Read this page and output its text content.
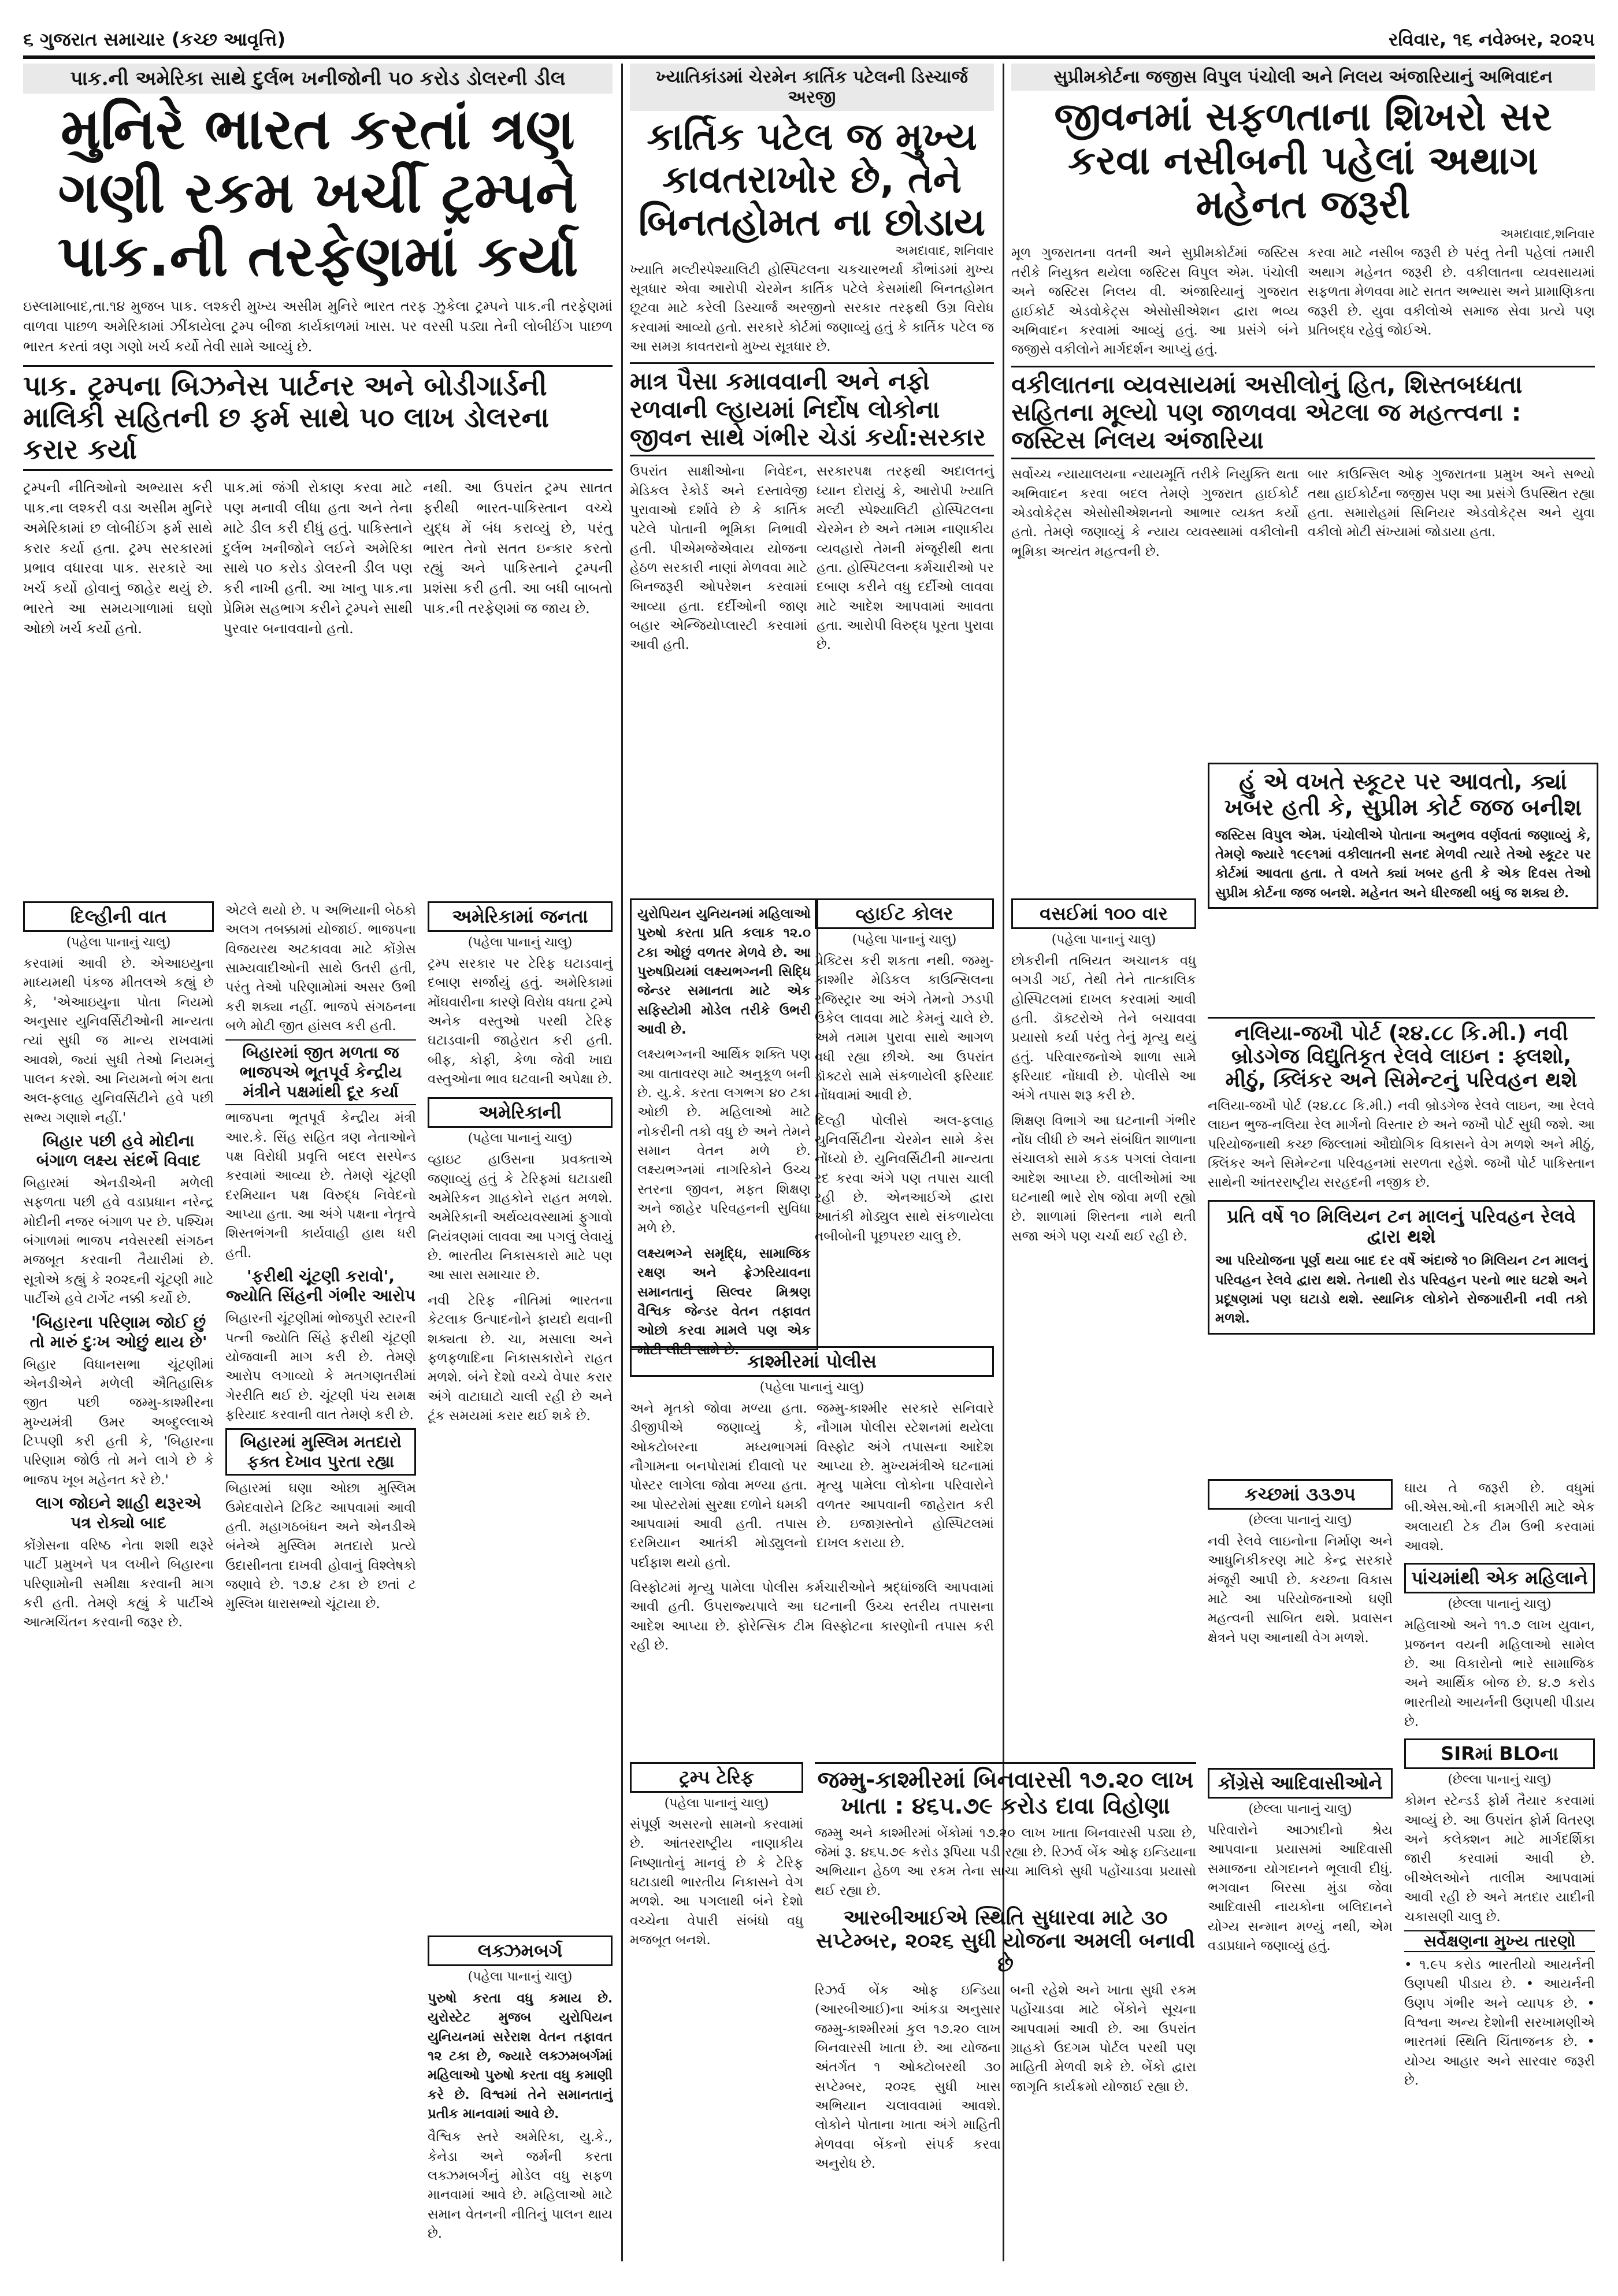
૬ ગુજરાત સમાચાર (કચ્છ આવૃત્તિ)	રવિવાર, ૧૬ નવેમ્બર, ૨૦૨૫
પાક.ની અમેરિકા સાથે દુર્લભ ખનીજોની ૫૦ કરોડ ડોલરની ડીલ
મુનિરે ભારત કરતાં ત્રણ ગણી રકમ ખર્ચી ટ્રમ્પને પાક.ની તરફેણમાં કર્યા
ઇસ્લામાબાદ,તા.૧૪ મુજબ પાક. લશ્કરી મુખ્ય અસીમ મુનિરે ભારત તરફ ઝુકેલા ટ્રમ્પને પાક.ની તરફેણમાં વાળવા પાછળ અમેરિકામાં ઝીંકાયેલા ટ્રમ્પ બીજા કાર્યકાળમાં ખાસ. પર વરસી પડ્યા તેની લોબીઈંગ પાછળ ભારત કરતાં ત્રણ ગણો ખર્ચ કર્યો તેવી સામે આવ્યું છે.
પાક. ટ્રમ્પના બિઝનેસ પાર્ટનર અને બોડીગાર્ડની માલિકી સહિતની છ ફર્મ સાથે ૫૦ લાખ ડોલરના કરાર કર્યા
ટ્રમ્પની નીતિઓનો અભ્યાસ કરી પાક.ના લશ્કરી વડા અસીમ મુનિરે અમેરિકામાં છ લોબીઈંગ ફર્મ સાથે કરાર કર્યા હતા. ટ્રમ્પ સરકારમાં પ્રભાવ વધારવા પાક. સરકારે આ ખર્ચ કર્યો હોવાનું જાહેર થયું છે. ભારતે આ સમયગાળામાં ઘણો ઓછો ખર્ચ કર્યો હતો.
પાક.માં જંગી રોકાણ કરવા માટે પણ મનાવી લીધા હતા અને તેના માટે ડીલ કરી દીધું હતું. પાકિસ્તાને દુર્લભ ખનીજોને લઈને અમેરિકા સાથે ૫૦ કરોડ ડોલરની ડીલ પણ કરી નાખી હતી. આ ખાનુ પાક.ના પ્રેમિમ સહભાગ કરીને ટ્રમ્પને સાથી પુરવાર બનાવવાનો હતો.
નથી. આ ઉપરાંત ટ્રમ્પ સાતત ફરીથી ભારત-પાકિસ્તાન વચ્ચે યુદ્ધ મેં બંધ કરાવ્યું છે, પરંતુ ભારત તેનો સતત ઇન્કાર કરતો રહ્યું અને પાકિસ્તાને ટ્રમ્પની પ્રશંસા કરી હતી. આ બધી બાબતો પાક.ની તરફેણમાં જ જાય છે.
દિલ્હીની વાત
(પહેલા પાનાનું ચાલુ)
કરવામાં આવી છે. એઆઇયુના માધ્યમથી પંકજ મીતલએ કહ્યું છે કે, 'એઆઇયુના પોતા નિયમો અનુસાર યુનિવર્સિટીઓની માન્યતા ત્યાં સુધી જ માન્ય રાખવામાં આવશે, જ્યાં સુધી તેઓ નિયમનું પાલન કરશે. આ નિયમનો ભંગ થતા અલ-ફલાહ યુનિવર્સિટીને હવે પછી સભ્ય ગણાશે નહીં.'
બિહાર પછી હવે મોદીના બંગાળ લક્ષ્ય સંદર્ભે વિવાદ
બિહારમાં એનડીએની મળેલી સફળતા પછી હવે વડાપ્રધાન નરેન્દ્ર મોદીની નજર બંગાળ પર છે. પશ્ચિમ બંગાળમાં ભાજપ નવેસરથી સંગઠન મજબૂત કરવાની તૈયારીમાં છે. સૂત્રોએ કહ્યું કે ૨૦૨૬ની ચૂંટણી માટે પાર્ટીએ હવે ટાર્ગેટ નક્કી કર્યો છે.
'બિહારના પરિણામ જોઈ છું તો મારું દુઃખ ઓછું થાય છે'
બિહાર વિધાનસભા ચૂંટણીમાં એનડીએને મળેલી ઐતિહાસિક જીત પછી જમ્મુ-કાશ્મીરના મુખ્યમંત્રી ઉમર અબ્દુલ્લાએ ટિપ્પણી કરી હતી કે, 'બિહારના પરિણામ જોઉં તો મને લાગે છે કે ભાજપ ખૂબ મહેનત કરે છે.'
લાગ જોઇને શાહી થરૂરએ પત્ર રોક્યો બાદ
કોંગ્રેસના વરિષ્ઠ નેતા શશી થરૂરે પાર્ટી પ્રમુખને પત્ર લખીને બિહારના પરિણામોની સમીક્ષા કરવાની માગ કરી હતી. તેમણે કહ્યું કે પાર્ટીએ આત્મચિંતન કરવાની જરૂર છે.
એટલે થયો છે. ૫ અભિયાની બેઠકો અલગ તબક્કામાં યોજાઈ. ભાજપના વિજયરથ અટકાવવા માટે કોંગ્રેસ સામ્યવાદીઓની સાથે ઉતરી હતી, પરંતુ તેઓ પરિણામોમાં અસર ઉભી કરી શક્યા નહીં. ભાજપે સંગઠનના બળે મોટી જીત હાંસલ કરી હતી.
બિહારમાં જીત મળતા જ ભાજપએ ભૂતપૂર્વ કેન્દ્રીય મંત્રીને પક્ષમાંથી દૂર કર્યા
ભાજપના ભૂતપૂર્વ કેન્દ્રીય મંત્રી આર.કે. સિંહ સહિત ત્રણ નેતાઓને પક્ષ વિરોધી પ્રવૃત્તિ બદલ સસ્પેન્ડ કરવામાં આવ્યા છે. તેમણે ચૂંટણી દરમિયાન પક્ષ વિરુદ્ધ નિવેદનો આપ્યા હતા. આ અંગે પક્ષના નેતૃત્વે શિસ્તભંગની કાર્યવાહી હાથ ધરી હતી.
'ફરીથી ચૂંટણી કરાવો', જ્યોતિ સિંહની ગંભીર આરોપ
બિહારની ચૂંટણીમાં ભોજપુરી સ્ટારની પત્ની જ્યોતિ સિંહે ફરીથી ચૂંટણી યોજવાની માગ કરી છે. તેમણે આરોપ લગાવ્યો કે મતગણતરીમાં ગેરરીતિ થઈ છે. ચૂંટણી પંચ સમક્ષ ફરિયાદ કરવાની વાત તેમણે કરી છે.
બિહારમાં મુસ્લિમ મતદારો ફક્ત દેખાવ પુરતા રહ્યા
બિહારમાં ઘણા ઓછા મુસ્લિમ ઉમેદવારોને ટિકિટ આપવામાં આવી હતી. મહાગઠબંધન અને એનડીએ બંનેએ મુસ્લિમ મતદારો પ્રત્યે ઉદાસીનતા દાખવી હોવાનું વિશ્લેષકો જણાવે છે. ૧૭.૪ ટકા છે છતાં ટ મુસ્લિમ ધારાસભ્યો ચૂંટાયા છે.
અમેરિકામાં જનતા
(પહેલા પાનાનું ચાલુ)
ટ્રમ્પ સરકાર પર ટેરિફ ઘટાડવાનું દબાણ સર્જાયું હતું. અમેરિકામાં મોંઘવારીના કારણે વિરોધ વધતા ટ્રમ્પે અનેક વસ્તુઓ પરથી ટેરિફ ઘટાડવાની જાહેરાત કરી હતી. બીફ, કોફી, કેળા જેવી ખાદ્ય વસ્તુઓના ભાવ ઘટવાની અપેક્ષા છે.
અમેરિકાની
(પહેલા પાનાનું ચાલુ)
વ્હાઇટ હાઉસના પ્રવક્તાએ જણાવ્યું હતું કે ટેરિફમાં ઘટાડાથી અમેરિકન ગ્રાહકોને રાહત મળશે. અમેરિકાની અર્થવ્યવસ્થામાં ફુગાવો નિયંત્રણમાં લાવવા આ પગલું લેવાયું છે. ભારતીય નિકાસકારો માટે પણ આ સારા સમાચાર છે.
નવી ટેરિફ નીતિમાં ભારતના કેટલાક ઉત્પાદનોને ફાયદો થવાની શક્યતા છે. ચા, મસાલા અને ફળફળાદિના નિકાસકારોને રાહત મળશે. બંને દેશો વચ્ચે વેપાર કરાર અંગે વાટાઘાટો ચાલી રહી છે અને ટૂંક સમયમાં કરાર થઈ શકે છે.
ખ્યાતિકાંડમાં ચેરમેન કાર્તિક પટેલની ડિસ્ચાર્જ અરજી
કાર્તિક પટેલ જ મુખ્ય કાવતરાખોર છે, તેને બિનતહોમત ના છોડાય
અમદાવાદ, શનિવાર
ખ્યાતિ મલ્ટીસ્પેશ્યાલિટી હોસ્પિટલના ચકચારભર્યા કૌભાંડમાં મુખ્ય સૂત્રધાર એવા આરોપી ચેરમેન કાર્તિક પટેલે કેસમાંથી બિનતહોમત છૂટવા માટે કરેલી ડિસ્ચાર્જ અરજીનો સરકાર તરફથી ઉગ્ર વિરોધ કરવામાં આવ્યો હતો. સરકારે કોર્ટમાં જણાવ્યું હતું કે કાર્તિક પટેલ જ આ સમગ્ર કાવતરાનો મુખ્ય સૂત્રધાર છે.
માત્ર પૈસા કમાવવાની અને નફો રળવાની લ્હાયમાં નિર્દોષ લોકોના જીવન સાથે ગંભીર ચેડાં કર્યા:સરકાર
ઉપરાંત સાક્ષીઓના નિવેદન, મેડિકલ રેકોર્ડ અને દસ્તાવેજી પુરાવાઓ દર્શાવે છે કે કાર્તિક પટેલે પોતાની ભૂમિકા નિભાવી હતી. પીએમજેએવાય યોજના હેઠળ સરકારી નાણાં મેળવવા માટે બિનજરૂરી ઓપરેશન કરવામાં આવ્યા હતા. દર્દીઓની જાણ બહાર એન્જિયોપ્લાસ્ટી કરવામાં આવી હતી.
સરકારપક્ષ તરફથી અદાલતનું ધ્યાન દોરાયું કે, આરોપી ખ્યાતિ મલ્ટી સ્પેશ્યાલિટી હોસ્પિટલના ચેરમેન છે અને તમામ નાણાકીય વ્યવહારો તેમની મંજૂરીથી થતા હતા. હોસ્પિટલના કર્મચારીઓ પર દબાણ કરીને વધુ દર્દીઓ લાવવા માટે આદેશ આપવામાં આવતા હતા. આરોપી વિરુદ્ધ પૂરતા પુરાવા છે.
યુરોપિયન યુનિયનમાં મહિલાઓ પુરુષો કરતા પ્રતિ કલાક ૧૨.૦ ટકા ઓછું વળતર મેળવે છે. આ પુરુષપ્રિયમાં લક્ષ્યભગ્નની સિદ્ધિ જેન્ડર સમાનતા માટે એક સફિસ્ટોમી મોડેલ તરીકે ઉભરી આવી છે.
લક્ષ્યભગ્નની આર્થિક શક્તિ પણ આ વાતાવરણ માટે અનુકૂળ બની છે. યુ.કે. કરતા લગભગ ૪૦ ટકા ઓછી છે. મહિલાઓ માટે નોકરીની તકો વધુ છે અને તેમને સમાન વેતન મળે છે. લક્ષ્યભગ્નમાં નાગરિકોને ઉચ્ચ સ્તરના જીવન, મફત શિક્ષણ અને જાહેર પરિવહનની સુવિધા મળે છે.
લક્ષ્યભગ્ને સમૃદ્ધિ, સામાજિક રક્ષણ અને ફ્રેઝરિયાવના સમાનતાનું સિલ્વર મિશ્રણ વૈશ્વિક જેન્ડર વેતન તફાવત ઓછો કરવા મામલે પણ એક મોટી લીટી સામે છે.
વ્હાઈટ કોલર
(પહેલા પાનાનું ચાલુ)
પ્રેક્ટિસ કરી શકતા નથી. જમ્મુ-કાશ્મીર મેડિકલ કાઉન્સિલના રજિસ્ટ્રાર આ અંગે તેમનો ઝડપી ઉકેલ લાવવા માટે કેમનું ચાલે છે. અમે તમામ પુરાવા સાથે આગળ વધી રહ્યા છીએ. આ ઉપરાંત ડૉક્ટરો સામે સંકળાયેલી ફરિયાદ નોંધવામાં આવી છે.
દિલ્હી પોલીસે અલ-ફલાહ યુનિવર્સિટીના ચેરમેન સામે કેસ નોંધ્યો છે. યુનિવર્સિટીની માન્યતા રદ કરવા અંગે પણ તપાસ ચાલી રહી છે. એનઆઈએ દ્વારા આતંકી મોડ્યુલ સાથે સંકળાયેલા તબીબોની પૂછપરછ ચાલુ છે.
કાશ્મીરમાં પોલીસ
(પહેલા પાનાનું ચાલુ)
અને મૃતકો જોવા મળ્યા હતા. ડીજીપીએ જણાવ્યું કે, ઓકટોબરના મધ્યભાગમાં નૌગામના બનપોરામાં દીવાલો પર પોસ્ટર લાગેલા જોવા મળ્યા હતા. આ પોસ્ટરોમાં સુરક્ષા દળોને ધમકી આપવામાં આવી હતી. તપાસ દરમિયાન આતંકી મોડ્યુલનો પર્દાફાશ થયો હતો.
જમ્મુ-કાશ્મીર સરકારે સનિવારે નૌગામ પોલીસ સ્ટેશનમાં થયેલા વિસ્ફોટ અંગે તપાસના આદેશ આપ્યા છે. મુખ્યમંત્રીએ ઘટનામાં મૃત્યુ પામેલા લોકોના પરિવારોને વળતર આપવાની જાહેરાત કરી છે. ઇજાગ્રસ્તોને હોસ્પિટલમાં દાખલ કરાયા છે.
વિસ્ફોટમાં મૃત્યુ પામેલા પોલીસ કર્મચારીઓને શ્રદ્ધાંજલિ આપવામાં આવી હતી. ઉપરાજ્યપાલે આ ઘટનાની ઉચ્ચ સ્તરીય તપાસના આદેશ આપ્યા છે. ફોરેન્સિક ટીમ વિસ્ફોટના કારણોની તપાસ કરી રહી છે.
ટ્રમ્પ ટેરિફ
(પહેલા પાનાનું ચાલુ)
સંપૂર્ણ અસરનો સામનો કરવામાં છે. આંતરરાષ્ટ્રીય નાણાકીય નિષ્ણાતોનું માનવું છે કે ટેરિફ ઘટાડાથી ભારતીય નિકાસને વેગ મળશે. આ પગલાથી બંને દેશો વચ્ચેના વેપારી સંબંધો વધુ મજબૂત બનશે.
લક્ઝમબર્ગ
(પહેલા પાનાનું ચાલુ)
પુરુષો કરતા વધુ કમાય છે. યુરોસ્ટેટ મુજબ યુરોપિયન યુનિયનમાં સરેરાશ વેતન તફાવત ૧૨ ટકા છે, જ્યારે લક્ઝમબર્ગમાં મહિલાઓ પુરુષો કરતા વધુ કમાણી કરે છે. વિશ્વમાં તેને સમાનતાનું પ્રતીક માનવામાં આવે છે.
વૈશ્વિક સ્તરે અમેરિકા, યુ.કે., કેનેડા અને જર્મની કરતા લક્ઝમબર્ગનું મોડેલ વધુ સફળ માનવામાં આવે છે. મહિલાઓ માટે સમાન વેતનની નીતિનું પાલન થાય છે.
જમ્મુ-કાશ્મીરમાં બિનવારસી ૧૭.૨૦ લાખ ખાતા : ૪૬૫.૭૯ કરોડ દાવા વિહોણા
જમ્મુ અને કાશ્મીરમાં બેંકોમાં ૧૭.૨૦ લાખ ખાતા બિનવારસી પડ્યા છે, જેમાં રૂ. ૪૬૫.૭૯ કરોડ રૂપિયા પડી રહ્યા છે. રિઝર્વ બેંક ઓફ ઇન્ડિયાના અભિયાન હેઠળ આ રકમ તેના સાચા માલિકો સુધી પહોંચાડવા પ્રયાસો થઈ રહ્યા છે.
આરબીઆઈએ સ્થિતિ સુધારવા માટે ૩૦ સપ્ટેમ્બર, ૨૦૨૬ સુધી યોજના અમલી બનાવી છે
રિઝર્વ બેંક ઓફ ઇન્ડિયા (આરબીઆઈ)ના આંકડા અનુસાર જમ્મુ-કાશ્મીરમાં કુલ ૧૭.૨૦ લાખ બિનવારસી ખાતા છે. આ યોજના અંતર્ગત ૧ ઓક્ટોબરથી ૩૦ સપ્ટેમ્બર, ૨૦૨૬ સુધી ખાસ અભિયાન ચલાવવામાં આવશે. લોકોને પોતાના ખાતા અંગે માહિતી મેળવવા બેંકનો સંપર્ક કરવા અનુરોધ છે.
બની રહેશે અને ખાતા સુધી રકમ પહોંચાડવા માટે બેંકોને સૂચના આપવામાં આવી છે. આ ઉપરાંત ગ્રાહકો ઉદગમ પોર્ટલ પરથી પણ માહિતી મેળવી શકે છે. બેંકો દ્વારા જાગૃતિ કાર્યક્રમો યોજાઈ રહ્યા છે.
વસઈમાં ૧૦૦ વાર
(પહેલા પાનાનું ચાલુ)
છોકરીની તબિયત અચાનક વધુ બગડી ગઈ, તેથી તેને તાત્કાલિક હોસ્પિટલમાં દાખલ કરવામાં આવી હતી. ડૉક્ટરોએ તેને બચાવવા પ્રયાસો કર્યા પરંતુ તેનું મૃત્યુ થયું હતું. પરિવારજનોએ શાળા સામે ફરિયાદ નોંધાવી છે. પોલીસે આ અંગે તપાસ શરૂ કરી છે.
શિક્ષણ વિભાગે આ ઘટનાની ગંભીર નોંધ લીધી છે અને સંબંધિત શાળાના સંચાલકો સામે કડક પગલાં લેવાના આદેશ આપ્યા છે. વાલીઓમાં આ ઘટનાથી ભારે રોષ જોવા મળી રહ્યો છે. શાળામાં શિસ્તના નામે થતી સજા અંગે પણ ચર્ચા થઈ રહી છે.
સુપ્રીમકોર્ટના જજીસ વિપુલ પંચોલી અને નિલય અંજારિયાનું અભિવાદન
જીવનમાં સફળતાના શિખરો સર કરવા નસીબની પહેલાં અથાગ મહેનત જરૂરી
અમદાવાદ,શનિવાર
મૂળ ગુજરાતના વતની અને સુપ્રીમકોર્ટમાં જસ્ટિસ તરીકે નિયુક્ત થયેલા જસ્ટિસ વિપુલ એમ. પંચોલી અને જસ્ટિસ નિલય વી. અંજારિયાનું ગુજરાત હાઈકોર્ટ એડવોકેટ્સ એસોસીએશન દ્વારા ભવ્ય અભિવાદન કરવામાં આવ્યું હતું. આ પ્રસંગે બંને જજીસે વકીલોને માર્ગદર્શન આપ્યું હતું.
કરવા માટે નસીબ જરૂરી છે પરંતુ તેની પહેલાં તમારી અથાગ મહેનત જરૂરી છે. વકીલાતના વ્યવસાયમાં સફળતા મેળવવા માટે સતત અભ્યાસ અને પ્રામાણિકતા જરૂરી છે. યુવા વકીલોએ સમાજ સેવા પ્રત્યે પણ પ્રતિબદ્ધ રહેવું જોઈએ.
વકીલાતના વ્યવસાયમાં અસીલોનું હિત, શિસ્તબધ્ધતા સહિતના મૂલ્યો પણ જાળવવા એટલા જ મહત્ત્વના : જસ્ટિસ નિલય અંજારિયા
સર્વોચ્ચ ન્યાયાલયના ન્યાયમૂર્તિ તરીકે નિયુક્તિ થતા અભિવાદન કરવા બદલ તેમણે ગુજરાત હાઈકોર્ટ એડવોકેટ્સ એસોસીએશનનો આભાર વ્યક્ત કર્યો હતો. તેમણે જણાવ્યું કે ન્યાય વ્યવસ્થામાં વકીલોની ભૂમિકા અત્યંત મહત્વની છે.
બાર કાઉન્સિલ ઓફ ગુજરાતના પ્રમુખ અને સભ્યો તથા હાઈકોર્ટના જજીસ પણ આ પ્રસંગે ઉપસ્થિત રહ્યા હતા. સમારોહમાં સિનિયર એડવોકેટ્સ અને યુવા વકીલો મોટી સંખ્યામાં જોડાયા હતા.
હું એ વખતે સ્કૂટર પર આવતો, ક્યાં ખબર હતી કે, સુપ્રીમ કોર્ટ જજ બનીશ
જસ્ટિસ વિપુલ એમ. પંચોલીએ પોતાના અનુભવ વર્ણવતાં જણાવ્યું કે, તેમણે જ્યારે ૧૯૯૧માં વકીલાતની સનદ મેળવી ત્યારે તેઓ સ્કૂટર પર કોર્ટમાં આવતા હતા. તે વખતે ક્યાં ખબર હતી કે એક દિવસ તેઓ સુપ્રીમ કોર્ટના જજ બનશે. મહેનત અને ધીરજથી બધું જ શક્ય છે.
નલિયા-જખૌ પોર્ટ (૨૪.૮૮ કિ.મી.) નવી બ્રોડગેજ વિદ્યુતિકૃત રેલવે લાઇન : ફ્લશો, મીઠું, ક્લિંકર અને સિમેન્ટનું પરિવહન થશે
નલિયા-જખૌ પોર્ટ (૨૪.૮૮ કિ.મી.) નવી બ્રોડગેજ રેલવે લાઇન, આ રેલવે લાઇન ભુજ-નલિયા રેલ માર્ગનો વિસ્તાર છે અને જખૌ પોર્ટ સુધી જશે. આ પરિયોજનાથી કચ્છ જિલ્લામાં ઔદ્યોગિક વિકાસને વેગ મળશે અને મીઠું, ક્લિંકર અને સિમેન્ટના પરિવહનમાં સરળતા રહેશે. જખૌ પોર્ટ પાકિસ્તાન સાથેની આંતરરાષ્ટ્રીય સરહદની નજીક છે.
પ્રતિ વર્ષે ૧૦ મિલિયન ટન માલનું પરિવહન રેલવે દ્વારા થશે
આ પરિયોજના પૂર્ણ થયા બાદ દર વર્ષે અંદાજે ૧૦ મિલિયન ટન માલનું પરિવહન રેલવે દ્વારા થશે. તેનાથી રોડ પરિવહન પરનો ભાર ઘટશે અને પ્રદૂષણમાં પણ ઘટાડો થશે. સ્થાનિક લોકોને રોજગારીની નવી તકો મળશે.
કચ્છમાં ૩૩૭૫
(છેલ્લા પાનાનું ચાલુ)
નવી રેલવે લાઇનોના નિર્માણ અને આધુનિકીકરણ માટે કેન્દ્ર સરકારે મંજૂરી આપી છે. કચ્છના વિકાસ માટે આ પરિયોજનાઓ ઘણી મહત્વની સાબિત થશે. પ્રવાસન ક્ષેત્રને પણ આનાથી વેગ મળશે.
કોંગ્રેસે આદિવાસીઓને
(છેલ્લા પાનાનું ચાલુ)
પરિવારોને આઝાદીનો શ્રેય આપવાના પ્રયાસમાં આદિવાસી સમાજના યોગદાનને ભૂલાવી દીધું. ભગવાન બિરસા મુંડા જેવા આદિવાસી નાયકોના બલિદાનને યોગ્ય સન્માન મળ્યું નથી, એમ વડાપ્રધાને જણાવ્યું હતું.
ઘાય તે જરૂરી છે. વધુમાં બી.એસ.ઓ.ની કામગીરી માટે એક અલાયદી ટેક ટીમ ઉભી કરવામાં આવશે.
પાંચમાંથી એક મહિલાને
(છેલ્લા પાનાનું ચાલુ)
મહિલાઓ અને ૧૧.૭ લાખ યુવાન, પ્રજનન વયની મહિલાઓ સામેલ છે. આ વિકારોનો ભારે સામાજિક અને આર્થિક બોજ છે. ૪.૭ કરોડ ભારતીયો આયર્નની ઉણપથી પીડાય છે.
SIRમાં BLOના
(છેલ્લા પાનાનું ચાલુ)
કોમન સ્ટેન્ડર્ડ ફોર્મ તૈયાર કરવામાં આવ્યું છે. આ ઉપરાંત ફોર્મ વિતરણ અને કલેક્શન માટે માર્ગદર્શિકા જારી કરવામાં આવી છે. બીએલઓને તાલીમ આપવામાં આવી રહી છે અને મતદાર યાદીની ચકાસણી ચાલુ છે.
સર્વેક્ષણના મુખ્ય તારણો
• ૧.૯૫ કરોડ ભારતીયો આયર્નની ઉણપથી પીડાય છે. • આયર્નની ઉણપ ગંભીર અને વ્યાપક છે. • વિશ્વના અન્ય દેશોની સરખામણીએ ભારતમાં સ્થિતિ ચિંતાજનક છે. • યોગ્ય આહાર અને સારવાર જરૂરી છે.
